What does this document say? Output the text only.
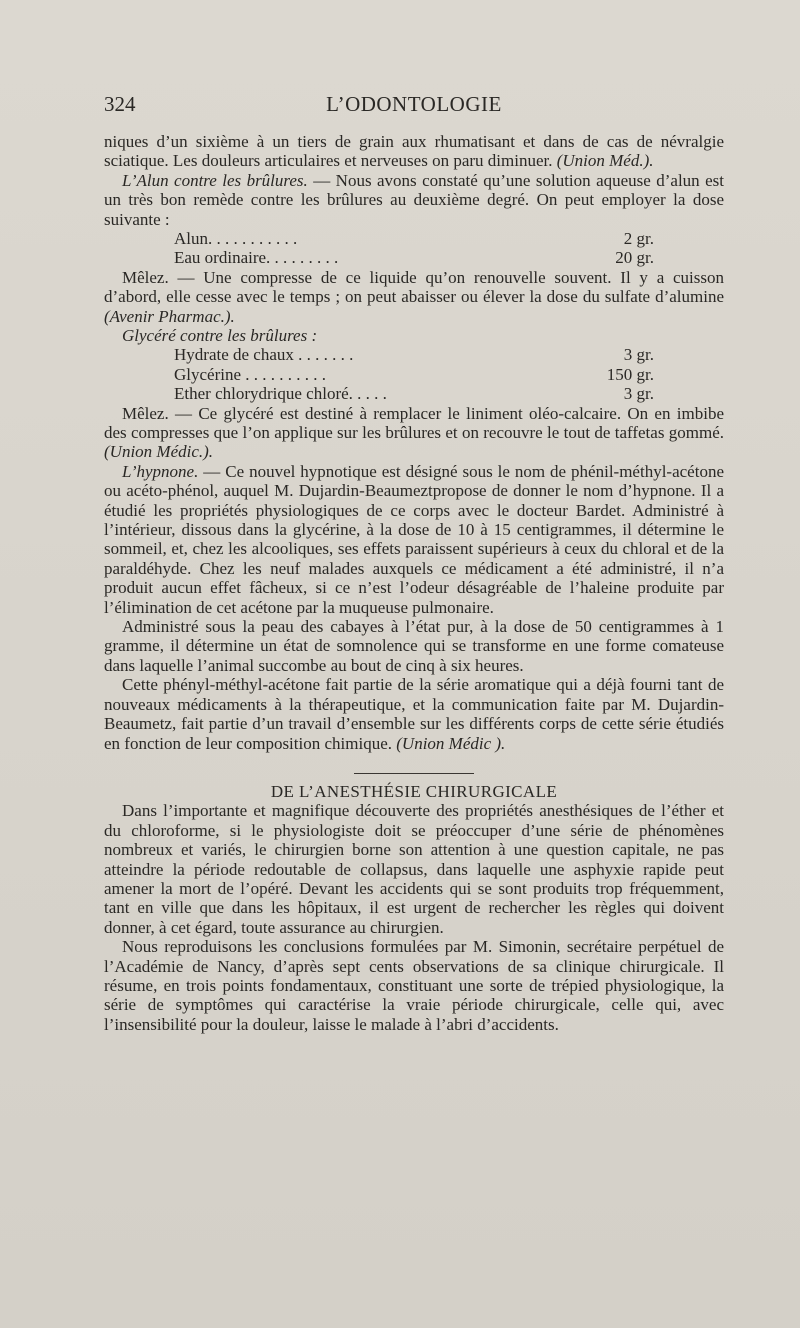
324	L’ODONTOLOGIE

niques d’un sixième à un tiers de grain aux rhumatisant et dans de cas de névralgie sciatique. Les douleurs articulaires et nerveuses on paru diminuer. (Union Méd.).

L’Alun contre les brûlures. — Nous avons constaté qu’une solution aqueuse d’alun est un très bon remède contre les brûlures au deuxième degré. On peut employer la dose suivante :

Alun. . . . . . . . . . .	2 gr.
Eau ordinaire. . . . . . . . .	20 gr.

Mêlez. — Une compresse de ce liquide qu’on renouvelle souvent. Il y a cuisson d’abord, elle cesse avec le temps ; on peut abaisser ou élever la dose du sulfate d’alumine (Avenir Pharmac.).

Glycéré contre les brûlures :

Hydrate de chaux . . . . . . .	3 gr.
Glycérine . . . . . . . . . .	150 gr.
Ether chlorydrique chloré. . . . .	3 gr.

Mêlez. — Ce glycéré est destiné à remplacer le liniment oléo-calcaire. On en imbibe des compresses que l’on applique sur les brûlures et on recouvre le tout de taffetas gommé. (Union Médic.).

L’hypnone. — Ce nouvel hypnotique est désigné sous le nom de phénil-méthyl-acétone ou acéto-phénol, auquel M. Dujardin-Beaumeztpropose de donner le nom d’hypnone. Il a étudié les propriétés physiologiques de ce corps avec le docteur Bardet. Administré à l’intérieur, dissous dans la glycérine, à la dose de 10 à 15 centigrammes, il détermine le sommeil, et, chez les alcooliques, ses effets paraissent supérieurs à ceux du chloral et de la paraldéhyde. Chez les neuf malades auxquels ce médicament a été administré, il n’a produit aucun effet fâcheux, si ce n’est l’odeur désagréable de l’haleine produite par l’élimination de cet acétone par la muqueuse pulmonaire.

Administré sous la peau des cabayes à l’état pur, à la dose de 50 centigrammes à 1 gramme, il détermine un état de somnolence qui se transforme en une forme comateuse dans laquelle l’animal succombe au bout de cinq à six heures.

Cette phényl-méthyl-acétone fait partie de la série aromatique qui a déjà fourni tant de nouveaux médicaments à la thérapeutique, et la communication faite par M. Dujardin-Beaumetz, fait partie d’un travail d’ensemble sur les différents corps de cette série étudiés en fonction de leur composition chimique. (Union Médic ).

DE L’ANESTHÉSIE CHIRURGICALE

Dans l’importante et magnifique découverte des propriétés anesthésiques de l’éther et du chloroforme, si le physiologiste doit se préoccuper d’une série de phénomènes nombreux et variés, le chirurgien borne son attention à une question capitale, ne pas atteindre la période redoutable de collapsus, dans laquelle une asphyxie rapide peut amener la mort de l’opéré. Devant les accidents qui se sont produits trop fréquemment, tant en ville que dans les hôpitaux, il est urgent de rechercher les règles qui doivent donner, à cet égard, toute assurance au chirurgien.

Nous reproduisons les conclusions formulées par M. Simonin, secrétaire perpétuel de l’Académie de Nancy, d’après sept cents observations de sa clinique chirurgicale. Il résume, en trois points fondamentaux, constituant une sorte de trépied physiologique, la série de symptômes qui caractérise la vraie période chirurgicale, celle qui, avec l’insensibilité pour la douleur, laisse le malade à l’abri d’accidents.
